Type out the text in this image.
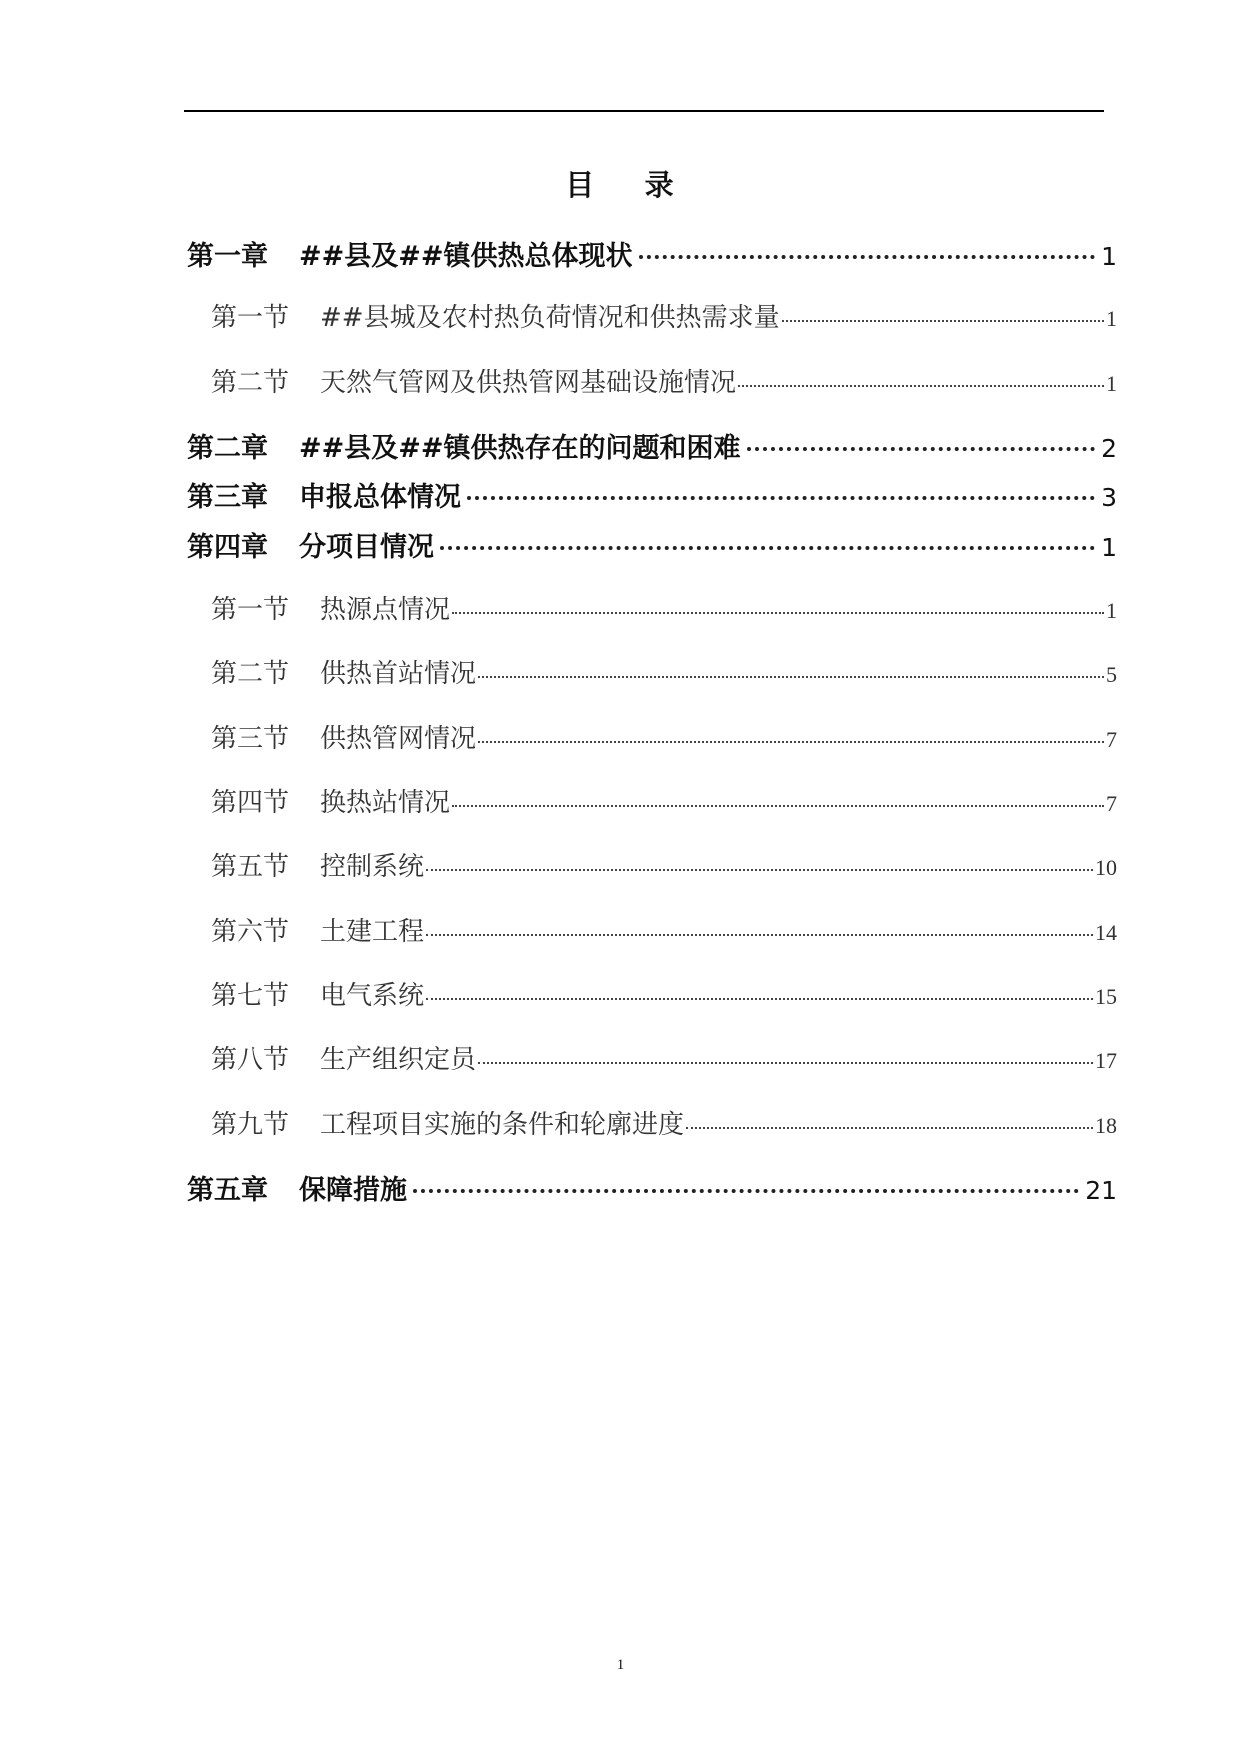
目    录
第一章	##县及##镇供热总体现状	1
第一节	##县城及农村热负荷情况和供热需求量	1
第二节	天然气管网及供热管网基础设施情况	1
第二章	##县及##镇供热存在的问题和困难	2
第三章	申报总体情况	3
第四章	分项目情况	1
第一节	热源点情况	1
第二节	供热首站情况	5
第三节	供热管网情况	7
第四节	换热站情况	7
第五节	控制系统	10
第六节	土建工程	14
第七节	电气系统	15
第八节	生产组织定员	17
第九节	工程项目实施的条件和轮廓进度	18
第五章	保障措施	21
1
